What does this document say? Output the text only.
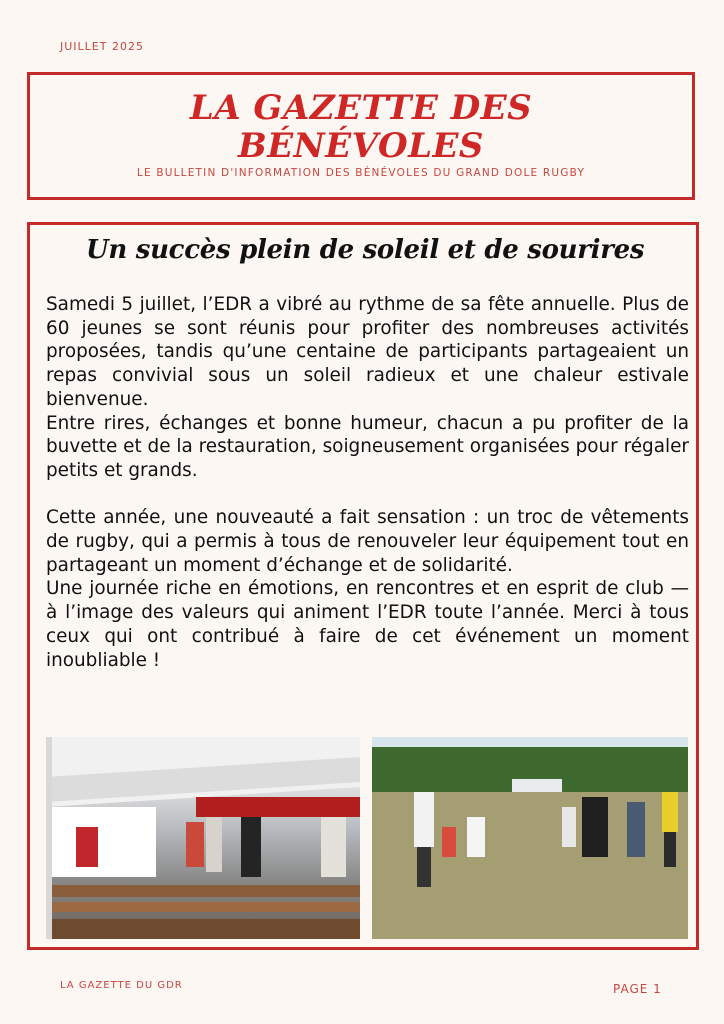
JUILLET 2025
LA GAZETTE DES BÉNÉVOLES
LE BULLETIN D'INFORMATION DES BÉNÉVOLES DU GRAND DOLE RUGBY
Un succès plein de soleil et de sourires

Samedi 5 juillet, l’EDR a vibré au rythme de sa fête annuelle. Plus de 60 jeunes se sont réunis pour profiter des nombreuses activités proposées, tandis qu’une centaine de participants partageaient un repas convivial sous un soleil radieux et une chaleur estivale bienvenue.

Entre rires, échanges et bonne humeur, chacun a pu profiter de la buvette et de la restauration, soigneusement organisées pour régaler petits et grands.

Cette année, une nouveauté a fait sensation : un troc de vêtements de rugby, qui a permis à tous de renouveler leur équipement tout en partageant un moment d’échange et de solidarité.

Une journée riche en émotions, en rencontres et en esprit de club — à l’image des valeurs qui animent l’EDR toute l’année. Merci à tous ceux qui ont contribué à faire de cet événement un moment inoubliable !

LA GAZETTE DU GDR	PAGE 1
